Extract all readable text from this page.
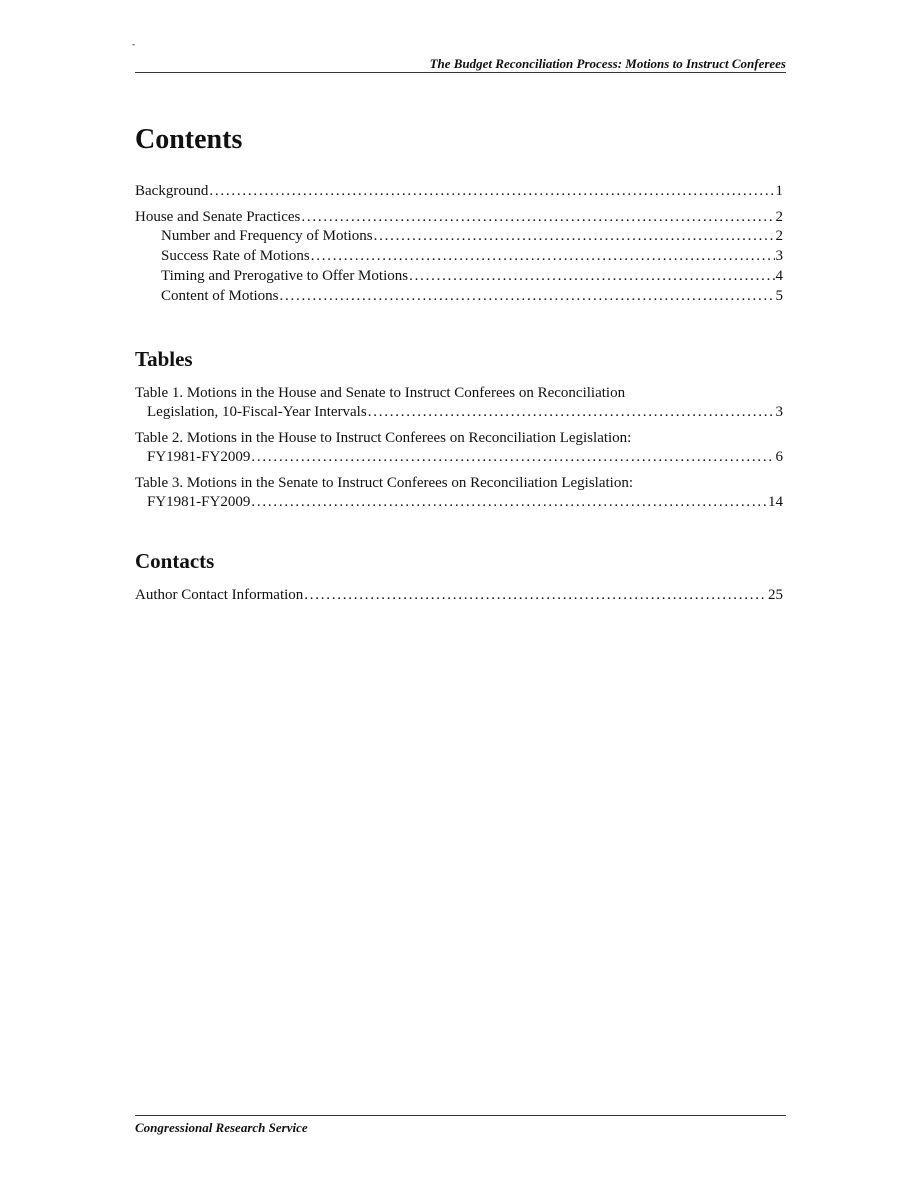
-
The Budget Reconciliation Process: Motions to Instruct Conferees
Contents
Background . . .	1
House and Senate Practices . . .	2
Number and Frequency of Motions . . .	2
Success Rate of Motions . . .	3
Timing and Prerogative to Offer Motions . . .	4
Content of Motions . . .	5
Tables
Table 1. Motions in the House and Senate to Instruct Conferees on Reconciliation
Legislation, 10-Fiscal-Year Intervals . . .	3
Table 2. Motions in the House to Instruct Conferees on Reconciliation Legislation:
FY1981-FY2009 . . .	6
Table 3. Motions in the Senate to Instruct Conferees on Reconciliation Legislation:
FY1981-FY2009 . . .	14
Contacts
Author Contact Information . . .	25
Congressional Research Service
